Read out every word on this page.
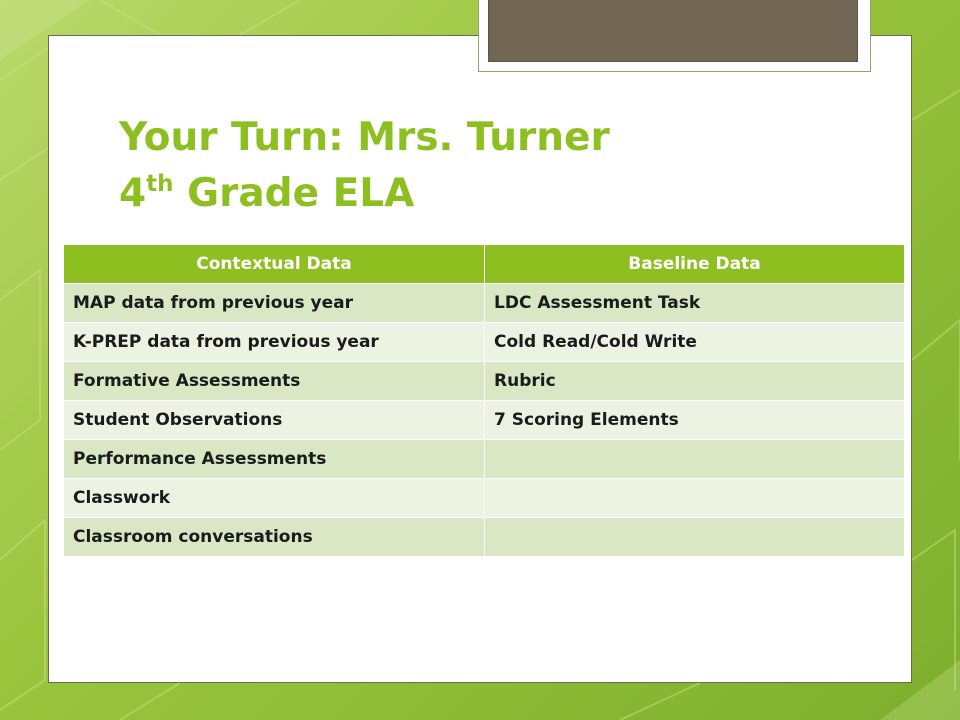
Your Turn: Mrs. Turner
4th Grade ELA
Contextual Data	Baseline Data
MAP data from previous year	LDC Assessment Task
K-PREP data from previous year	Cold Read/Cold Write
Formative Assessments	Rubric
Student Observations	7 Scoring Elements
Performance Assessments	
Classwork	
Classroom conversations	
